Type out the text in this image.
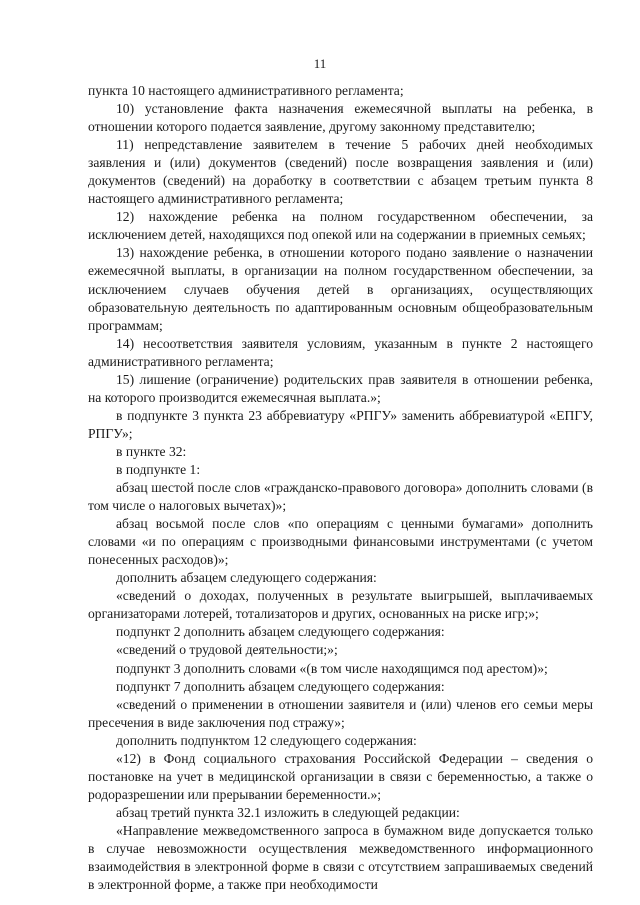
11

пункта 10 настоящего административного регламента;

10) установление факта назначения ежемесячной выплаты на ребенка, в отношении которого подается заявление, другому законному представителю;

11) непредставление заявителем в течение 5 рабочих дней необходимых заявления и (или) документов (сведений) после возвращения заявления и (или) документов (сведений) на доработку в соответствии с абзацем третьим пункта 8 настоящего административного регламента;

12) нахождение ребенка на полном государственном обеспечении, за исключением детей, находящихся под опекой или на содержании в приемных семьях;

13) нахождение ребенка, в отношении которого подано заявление о назначении ежемесячной выплаты, в организации на полном государственном обеспечении, за исключением случаев обучения детей в организациях, осуществляющих образовательную деятельность по адаптированным основным общеобразовательным программам;

14) несоответствия заявителя условиям, указанным в пункте 2 настоящего административного регламента;

15) лишение (ограничение) родительских прав заявителя в отношении ребенка, на которого производится ежемесячная выплата.»;

в подпункте 3 пункта 23 аббревиатуру «РПГУ» заменить аббревиатурой «ЕПГУ, РПГУ»;

в пункте 32:

в подпункте 1:

абзац шестой после слов «гражданско-правового договора» дополнить словами (в том числе о налоговых вычетах)»;

абзац восьмой после слов «по операциям с ценными бумагами» дополнить словами «и по операциям с производными финансовыми инструментами (с учетом понесенных расходов)»;

дополнить абзацем следующего содержания:

«сведений о доходах, полученных в результате выигрышей, выплачиваемых организаторами лотерей, тотализаторов и других, основанных на риске игр;»;

подпункт 2 дополнить абзацем следующего содержания:

«сведений о трудовой деятельности;»;

подпункт 3 дополнить словами «(в том числе находящимся под арестом)»;

подпункт 7 дополнить абзацем следующего содержания:

«сведений о применении в отношении заявителя и (или) членов его семьи меры пресечения в виде заключения под стражу»;

дополнить подпунктом 12 следующего содержания:

«12) в Фонд социального страхования Российской Федерации – сведения о постановке на учет в медицинской организации в связи с беременностью, а также о родоразрешении или прерывании беременности.»;

абзац третий пункта 32.1 изложить в следующей редакции:

«Направление межведомственного запроса в бумажном виде допускается только в случае невозможности осуществления межведомственного информационного взаимодействия в электронной форме в связи с отсутствием запрашиваемых сведений в электронной форме, а также при необходимости
